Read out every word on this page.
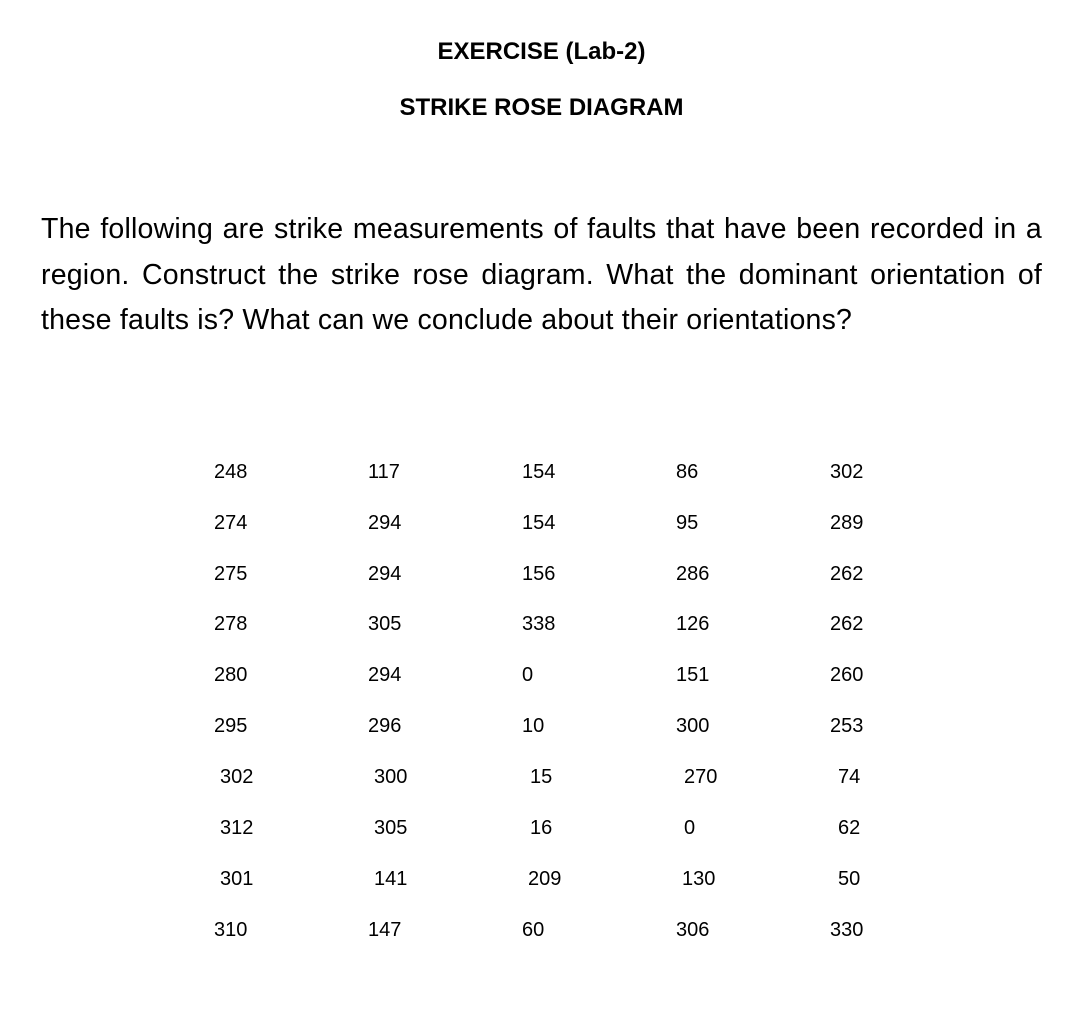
EXERCISE (Lab-2)
STRIKE ROSE DIAGRAM

The following are strike measurements of faults that have been recorded in a region. Construct the strike rose diagram. What the dominant orientation of these faults is? What can we conclude about their orientations?

248
274
275
278
280
295
302
312
301
310
117
294
294
305
294
296
300
305
141
147
154
154
156
338
0
10
15
16
209
60
86
95
286
126
151
300
270
0
130
306
302
289
262
262
260
253
74
62
50
330
